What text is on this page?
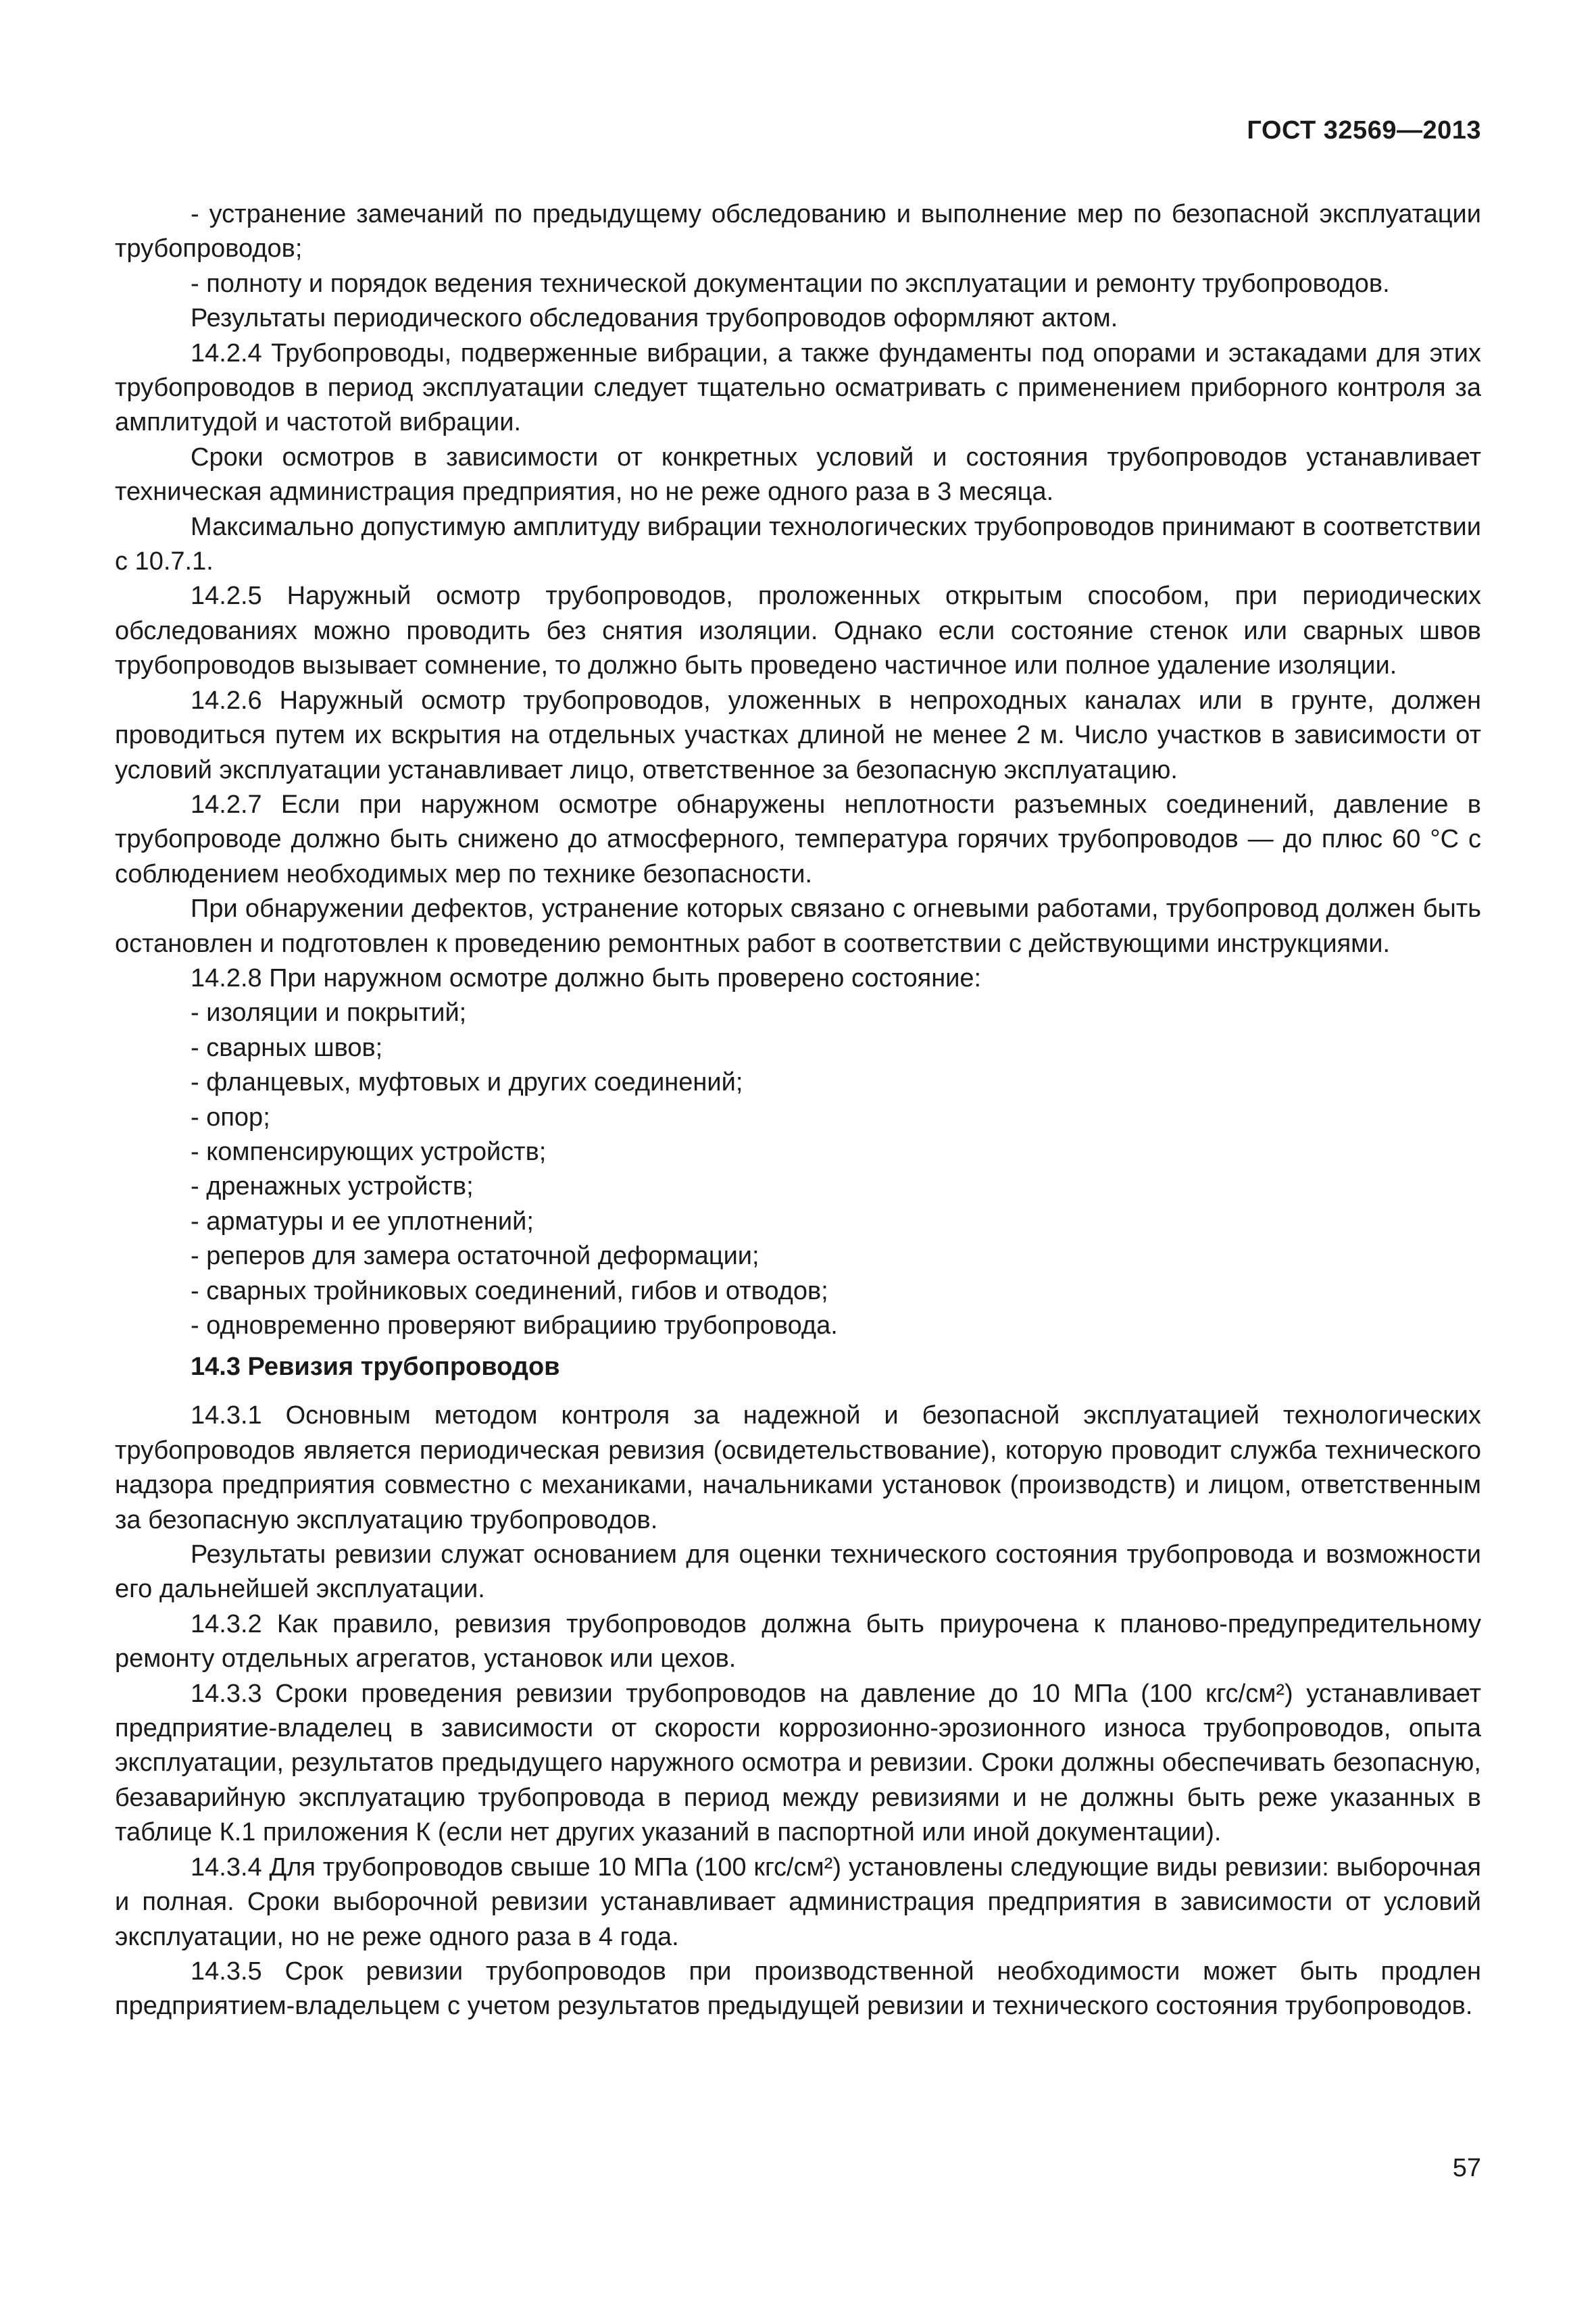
ГОСТ 32569—2013

- устранение замечаний по предыдущему обследованию и выполнение мер по безопасной эксплуатации трубопроводов;

- полноту и порядок ведения технической документации по эксплуатации и ремонту трубопроводов.

Результаты периодического обследования трубопроводов оформляют актом.

14.2.4 Трубопроводы, подверженные вибрации, а также фундаменты под опорами и эстакадами для этих трубопроводов в период эксплуатации следует тщательно осматривать с применением приборного контроля за амплитудой и частотой вибрации.

Сроки осмотров в зависимости от конкретных условий и состояния трубопроводов устанавливает техническая администрация предприятия, но не реже одного раза в 3 месяца.

Максимально допустимую амплитуду вибрации технологических трубопроводов принимают в соответствии с 10.7.1.

14.2.5 Наружный осмотр трубопроводов, проложенных открытым способом, при периодических обследованиях можно проводить без снятия изоляции. Однако если состояние стенок или сварных швов трубопроводов вызывает сомнение, то должно быть проведено частичное или полное удаление изоляции.

14.2.6 Наружный осмотр трубопроводов, уложенных в непроходных каналах или в грунте, должен проводиться путем их вскрытия на отдельных участках длиной не менее 2 м. Число участков в зависимости от условий эксплуатации устанавливает лицо, ответственное за безопасную эксплуатацию.

14.2.7 Если при наружном осмотре обнаружены неплотности разъемных соединений, давление в трубопроводе должно быть снижено до атмосферного, температура горячих трубопроводов — до плюс 60 °С с соблюдением необходимых мер по технике безопасности.

При обнаружении дефектов, устранение которых связано с огневыми работами, трубопровод должен быть остановлен и подготовлен к проведению ремонтных работ в соответствии с действующими инструкциями.

14.2.8 При наружном осмотре должно быть проверено состояние:

- изоляции и покрытий;

- сварных швов;

- фланцевых, муфтовых и других соединений;

- опор;

- компенсирующих устройств;

- дренажных устройств;

- арматуры и ее уплотнений;

- реперов для замера остаточной деформации;

- сварных тройниковых соединений, гибов и отводов;

- одновременно проверяют вибрациию трубопровода.

14.3 Ревизия трубопроводов

14.3.1 Основным методом контроля за надежной и безопасной эксплуатацией технологических трубопроводов является периодическая ревизия (освидетельствование), которую проводит служба технического надзора предприятия совместно с механиками, начальниками установок (производств) и лицом, ответственным за безопасную эксплуатацию трубопроводов.

Результаты ревизии служат основанием для оценки технического состояния трубопровода и возможности его дальнейшей эксплуатации.

14.3.2 Как правило, ревизия трубопроводов должна быть приурочена к планово-предупредительному ремонту отдельных агрегатов, установок или цехов.

14.3.3 Сроки проведения ревизии трубопроводов на давление до 10 МПа (100 кгс/см²) устанавливает предприятие-владелец в зависимости от скорости коррозионно-эрозионного износа трубопроводов, опыта эксплуатации, результатов предыдущего наружного осмотра и ревизии. Сроки должны обеспечивать безопасную, безаварийную эксплуатацию трубопровода в период между ревизиями и не должны быть реже указанных в таблице К.1 приложения К (если нет других указаний в паспортной или иной документации).

14.3.4 Для трубопроводов свыше 10 МПа (100 кгс/см²) установлены следующие виды ревизии: выборочная и полная. Сроки выборочной ревизии устанавливает администрация предприятия в зависимости от условий эксплуатации, но не реже одного раза в 4 года.

14.3.5 Срок ревизии трубопроводов при производственной необходимости может быть продлен предприятием-владельцем с учетом результатов предыдущей ревизии и технического состояния трубопроводов.

57
